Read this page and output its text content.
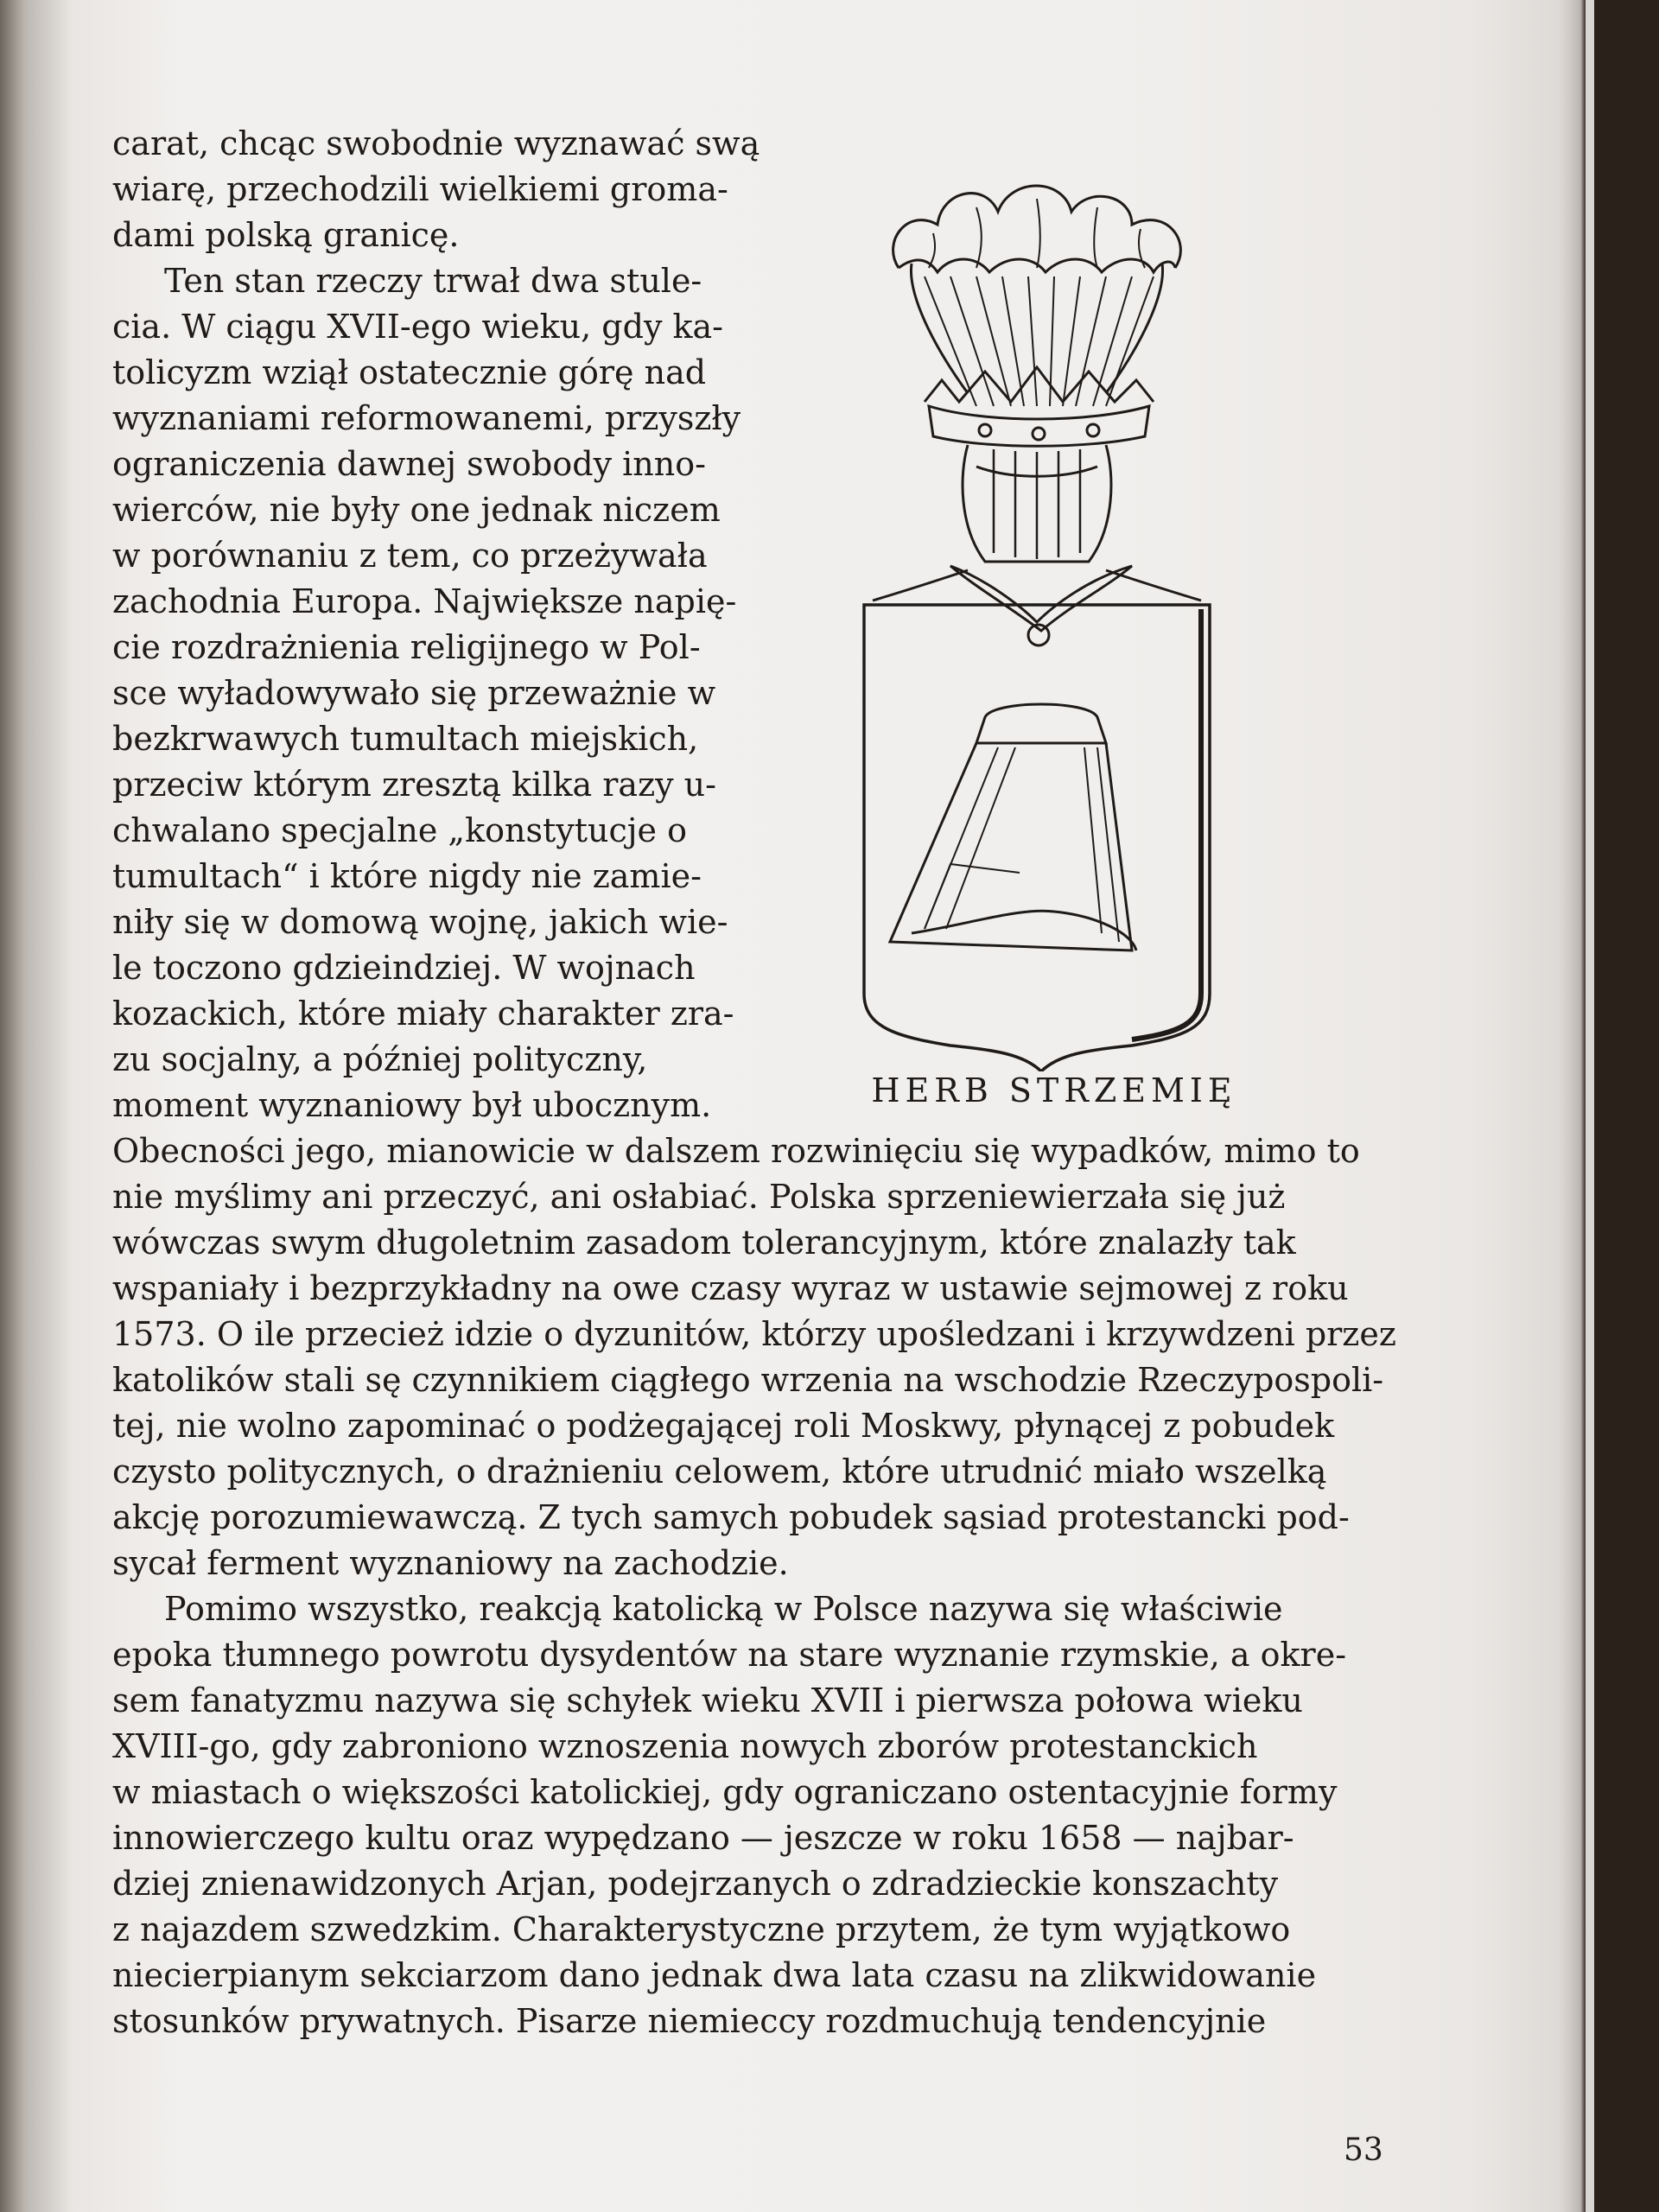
carat, chcąc swobodnie wyznawać swą
wiarę, przechodzili wielkiemi groma-
dami polską granicę.
Ten stan rzeczy trwał dwa stule-
cia. W ciągu XVII-ego wieku, gdy ka-
tolicyzm wziął ostatecznie górę nad
wyznaniami reformowanemi, przyszły
ograniczenia dawnej swobody inno-
wierców, nie były one jednak niczem
w porównaniu z tem, co przeżywała
zachodnia Europa. Największe napię-
cie rozdrażnienia religijnego w Pol-
sce wyładowywało się przeważnie w
bezkrwawych tumultach miejskich,
przeciw którym zresztą kilka razy u-
chwalano specjalne „konstytucje o
tumultach“ i które nigdy nie zamie-
niły się w domową wojnę, jakich wie-
le toczono gdzieindziej. W wojnach
kozackich, które miały charakter zra-
zu socjalny, a później polityczny,
moment wyznaniowy był ubocznym.	HERB STRZEMIĘ
Obecności jego, mianowicie w dalszem rozwinięciu się wypadków, mimo to
nie myślimy ani przeczyć, ani osłabiać. Polska sprzeniewierzała się już
wówczas swym długoletnim zasadom tolerancyjnym, które znalazły tak
wspaniały i bezprzykładny na owe czasy wyraz w ustawie sejmowej z roku
1573. O ile przecież idzie o dyzunitów, którzy upośledzani i krzywdzeni przez
katolików stali sę czynnikiem ciągłego wrzenia na wschodzie Rzeczypospoli-
tej, nie wolno zapominać o podżegającej roli Moskwy, płynącej z pobudek
czysto politycznych, o drażnieniu celowem, które utrudnić miało wszelką
akcję porozumiewawczą. Z tych samych pobudek sąsiad protestancki pod-
sycał ferment wyznaniowy na zachodzie.
Pomimo wszystko, reakcją katolicką w Polsce nazywa się właściwie
epoka tłumnego powrotu dysydentów na stare wyznanie rzymskie, a okre-
sem fanatyzmu nazywa się schyłek wieku XVII i pierwsza połowa wieku
XVIII-go, gdy zabroniono wznoszenia nowych zborów protestanckich
w miastach o większości katolickiej, gdy ograniczano ostentacyjnie formy
innowierczego kultu oraz wypędzano — jeszcze w roku 1658 — najbar-
dziej znienawidzonych Arjan, podejrzanych o zdradzieckie konszachty
z najazdem szwedzkim. Charakterystyczne przytem, że tym wyjątkowo
niecierpianym sekciarzom dano jednak dwa lata czasu na zlikwidowanie
stosunków prywatnych. Pisarze niemieccy rozdmuchują tendencyjnie
53
